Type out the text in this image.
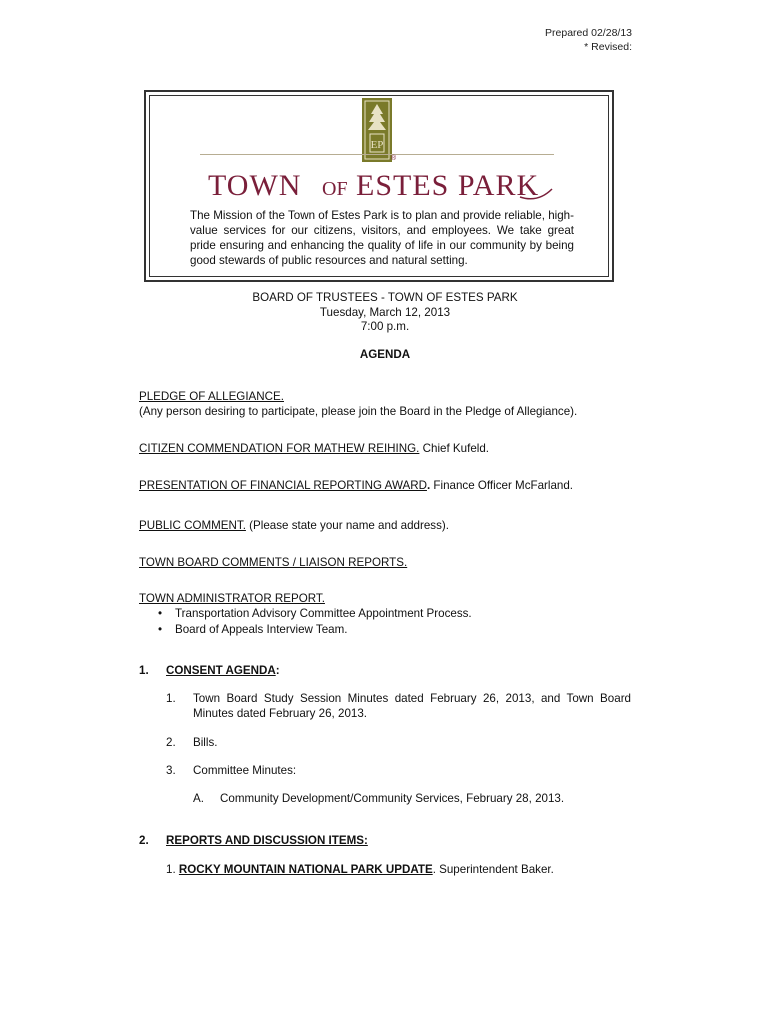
Prepared 02/28/13
* Revised:
EP
®
TOWN OF ESTES PARK
The Mission of the Town of Estes Park is to plan and provide reliable, high-value services for our citizens, visitors, and employees. We take great pride ensuring and enhancing the quality of life in our community by being good stewards of public resources and natural setting.
BOARD OF TRUSTEES - TOWN OF ESTES PARK
Tuesday, March 12, 2013
7:00 p.m.
AGENDA
PLEDGE OF ALLEGIANCE.
(Any person desiring to participate, please join the Board in the Pledge of Allegiance).
CITIZEN COMMENDATION FOR MATHEW REIHING. Chief Kufeld.
PRESENTATION OF FINANCIAL REPORTING AWARD. Finance Officer McFarland.
PUBLIC COMMENT. (Please state your name and address).
TOWN BOARD COMMENTS / LIAISON REPORTS.
TOWN ADMINISTRATOR REPORT.
• Transportation Advisory Committee Appointment Process.
• Board of Appeals Interview Team.
1. CONSENT AGENDA:
1. Town Board Study Session Minutes dated February 26, 2013, and Town Board
Minutes dated February 26, 2013.
2. Bills.
3. Committee Minutes:
A. Community Development/Community Services, February 28, 2013.
2. REPORTS AND DISCUSSION ITEMS:
1. ROCKY MOUNTAIN NATIONAL PARK UPDATE. Superintendent Baker.
